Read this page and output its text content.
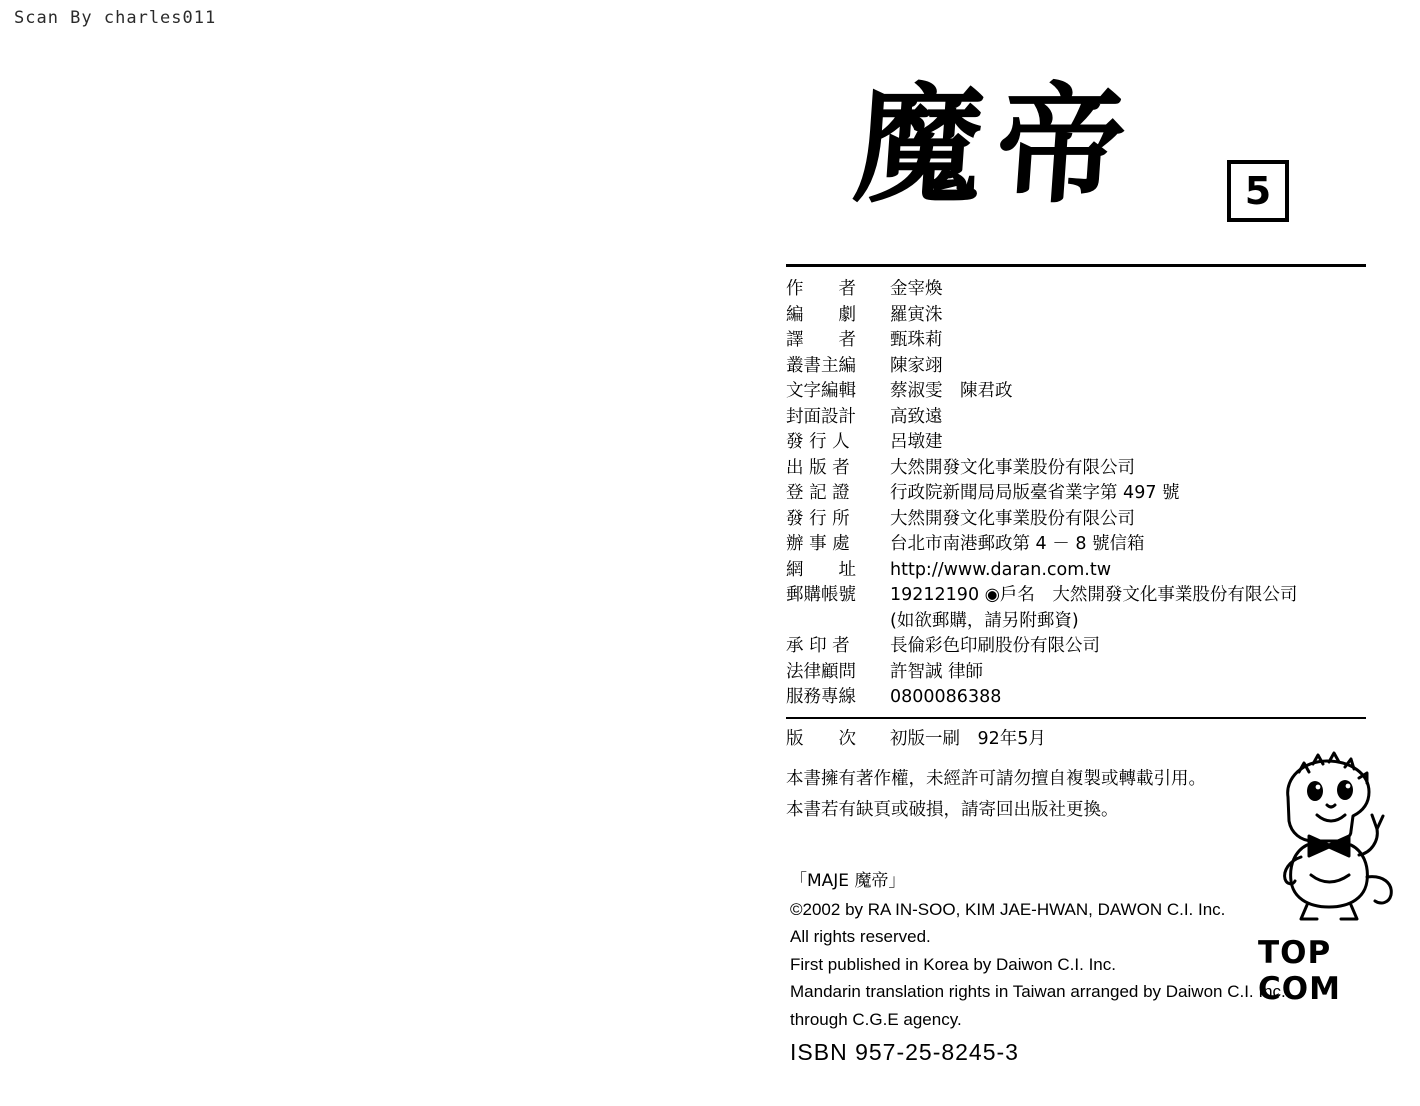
Scan By charles011
魔帝	5
作　　者	金宰煥
編　　劇	羅寅洙
譯　　者	甄珠莉
叢書主編	陳家翊
文字編輯	蔡淑雯　陳君政
封面設計	高致遠
發 行 人	呂墩建
出 版 者	大然開發文化事業股份有限公司
登 記 證	行政院新聞局局版臺省業字第 497 號
發 行 所	大然開發文化事業股份有限公司
辦 事 處	台北市南港郵政第 4 － 8 號信箱
網　　址	http://www.daran.com.tw
郵購帳號	19212190 ◉戶名　大然開發文化事業股份有限公司
(如欲郵購，請另附郵資)
承 印 者	長倫彩色印刷股份有限公司
法律顧問	許智誠 律師
服務專線	0800086388
版　　次	初版一刷　92年5月
本書擁有著作權，未經許可請勿擅自複製或轉載引用。
本書若有缺頁或破損，請寄回出版社更換。
「MAJE 魔帝」
©2002 by RA IN-SOO, KIM JAE-HWAN, DAWON C.I. Inc.
All rights reserved.
First published in Korea by Daiwon C.I. Inc.
Mandarin translation rights in Taiwan arranged by Daiwon C.I. Inc.
through C.G.E agency.
ISBN 957-25-8245-3
TOP COM
